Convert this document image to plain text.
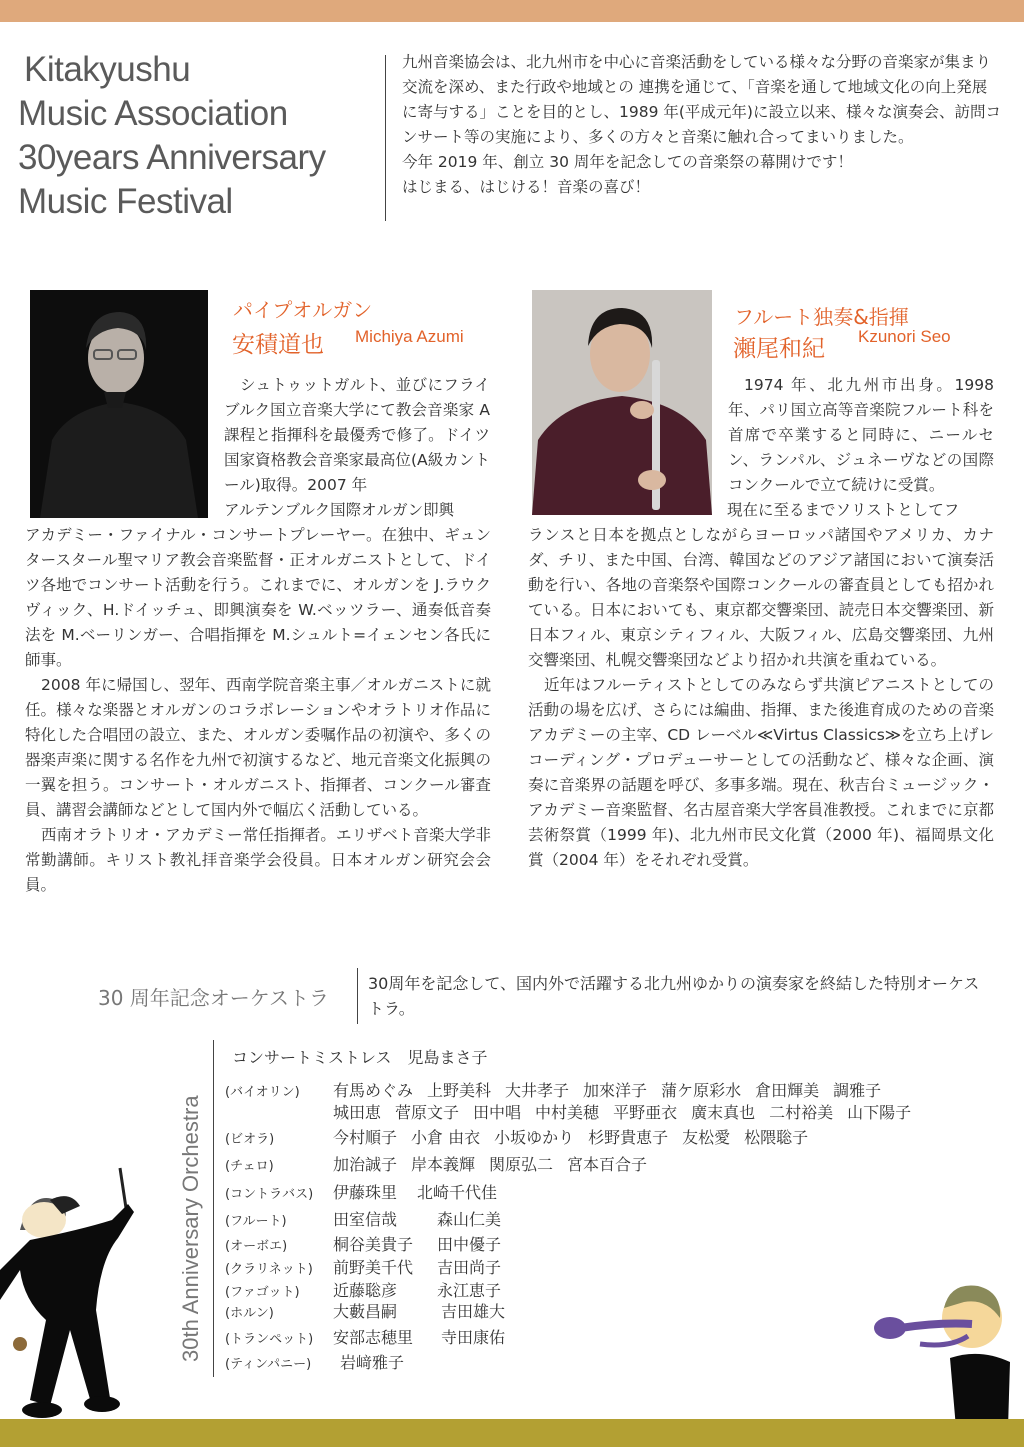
Kitakyushu
Music Association
30years Anniversary
Music Festival

九州音楽協会は、北九州市を中心に音楽活動をしている様々な分野の音楽家が集まり交流を深め、また行政や地域との 連携を通じて、「音楽を通して地域文化の向上発展に寄与する」ことを目的とし、1989 年(平成元年)に設立以来、様々な演奏会、訪問コンサート等の実施により、多くの方々と音楽に触れ合ってまいりました。

今年 2019 年、創立 30 周年を記念しての音楽祭の幕開けです！

はじまる、はじける！音楽の喜び！

パイプオルガン
安積道也 Michiya Azumi

シュトゥットガルト、並びにフライブルク国立音楽大学にて教会音楽家 A 課程と指揮科を最優秀で修了。ドイツ国家資格教会音楽家最高位(A級カントール)取得。2007 年

アルテンブルク国際オルガン即興

アカデミー・ファイナル・コンサートプレーヤー。在独中、ギュンタースタール聖マリア教会音楽監督・正オルガニストとして、ドイツ各地でコンサート活動を行う。これまでに、オルガンを J.ラウクヴィック、H.ドイッチュ、即興演奏を W.ベッツラー、通奏低音奏法を M.ベーリンガー、合唱指揮を M.シュルト=イェンセン各氏に師事。

2008 年に帰国し、翌年、西南学院音楽主事／オルガニストに就任。様々な楽器とオルガンのコラボレーションやオラトリオ作品に特化した合唱団の設立、また、オルガン委嘱作品の初演や、多くの器楽声楽に関する名作を九州で初演するなど、地元音楽文化振興の一翼を担う。コンサート・オルガニスト、指揮者、コンクール審査員、講習会講師などとして国内外で幅広く活動している。

西南オラトリオ・アカデミー常任指揮者。エリザベト音楽大学非常勤講師。キリスト教礼拝音楽学会役員。日本オルガン研究会会員。

フルート独奏&指揮
瀬尾和紀 Kzunori Seo

1974 年、北九州市出身。1998 年、パリ国立高等音楽院フルート科を首席で卒業すると同時に、ニールセン、ランパル、ジュネーヴなどの国際コンクールで立て続けに受賞。

現在に至るまでソリストとしてフ

ランスと日本を拠点としながらヨーロッパ諸国やアメリカ、カナダ、チリ、また中国、台湾、韓国などのアジア諸国において演奏活動を行い、各地の音楽祭や国際コンクールの審査員としても招かれている。日本においても、東京都交響楽団、読売日本交響楽団、新日本フィル、東京シティフィル、大阪フィル、広島交響楽団、九州交響楽団、札幌交響楽団などより招かれ共演を重ねている。

近年はフルーティストとしてのみならず共演ピアニストとしての活動の場を広げ、さらには編曲、指揮、また後進育成のための音楽アカデミーの主宰、CD レーベル≪Virtus Classics≫を立ち上げレコーディング・プロデューサーとしての活動など、様々な企画、演奏に音楽界の話題を呼び、多事多端。現在、秋吉台ミュージック・アカデミー音楽監督、名古屋音楽大学客員准教授。これまでに京都芸術祭賞（1999 年)、北九州市民文化賞（2000 年)、福岡県文化賞（2004 年）をそれぞれ受賞。

30 周年記念オーケストラ
30周年を記念して、国内外で活躍する北九州ゆかりの演奏家を終結した特別オーケストラ。
30th Anniversary Orchestra
コンサートミストレス　児島まさ子
(バイオリン) 有馬めぐみ 上野美科 大井孝子 加來洋子 蒲ケ原彩水 倉田輝美 調雅子
城田恵 菅原文子 田中唱 中村美穂 平野亜衣 廣末真也 二村裕美 山下陽子
(ビオラ)	今村順子 小倉 由衣 小坂ゆかり 杉野貴恵子 友松愛 松隈聡子
(チェロ)	加治誠子 岸本義輝 関原弘二 宮本百合子
(コントラバス) 伊藤珠里 北崎千代佳
(フルート)	田室信哉 森山仁美
(オーボエ)	桐谷美貴子 田中優子
(クラリネット) 前野美千代 吉田尚子
(ファゴット) 近藤聡彦 永江恵子
(ホルン)	大藪昌嗣	吉田雄大
(トランペット) 安部志穂里 寺田康佑
(ティンパニー) 岩﨑雅子
